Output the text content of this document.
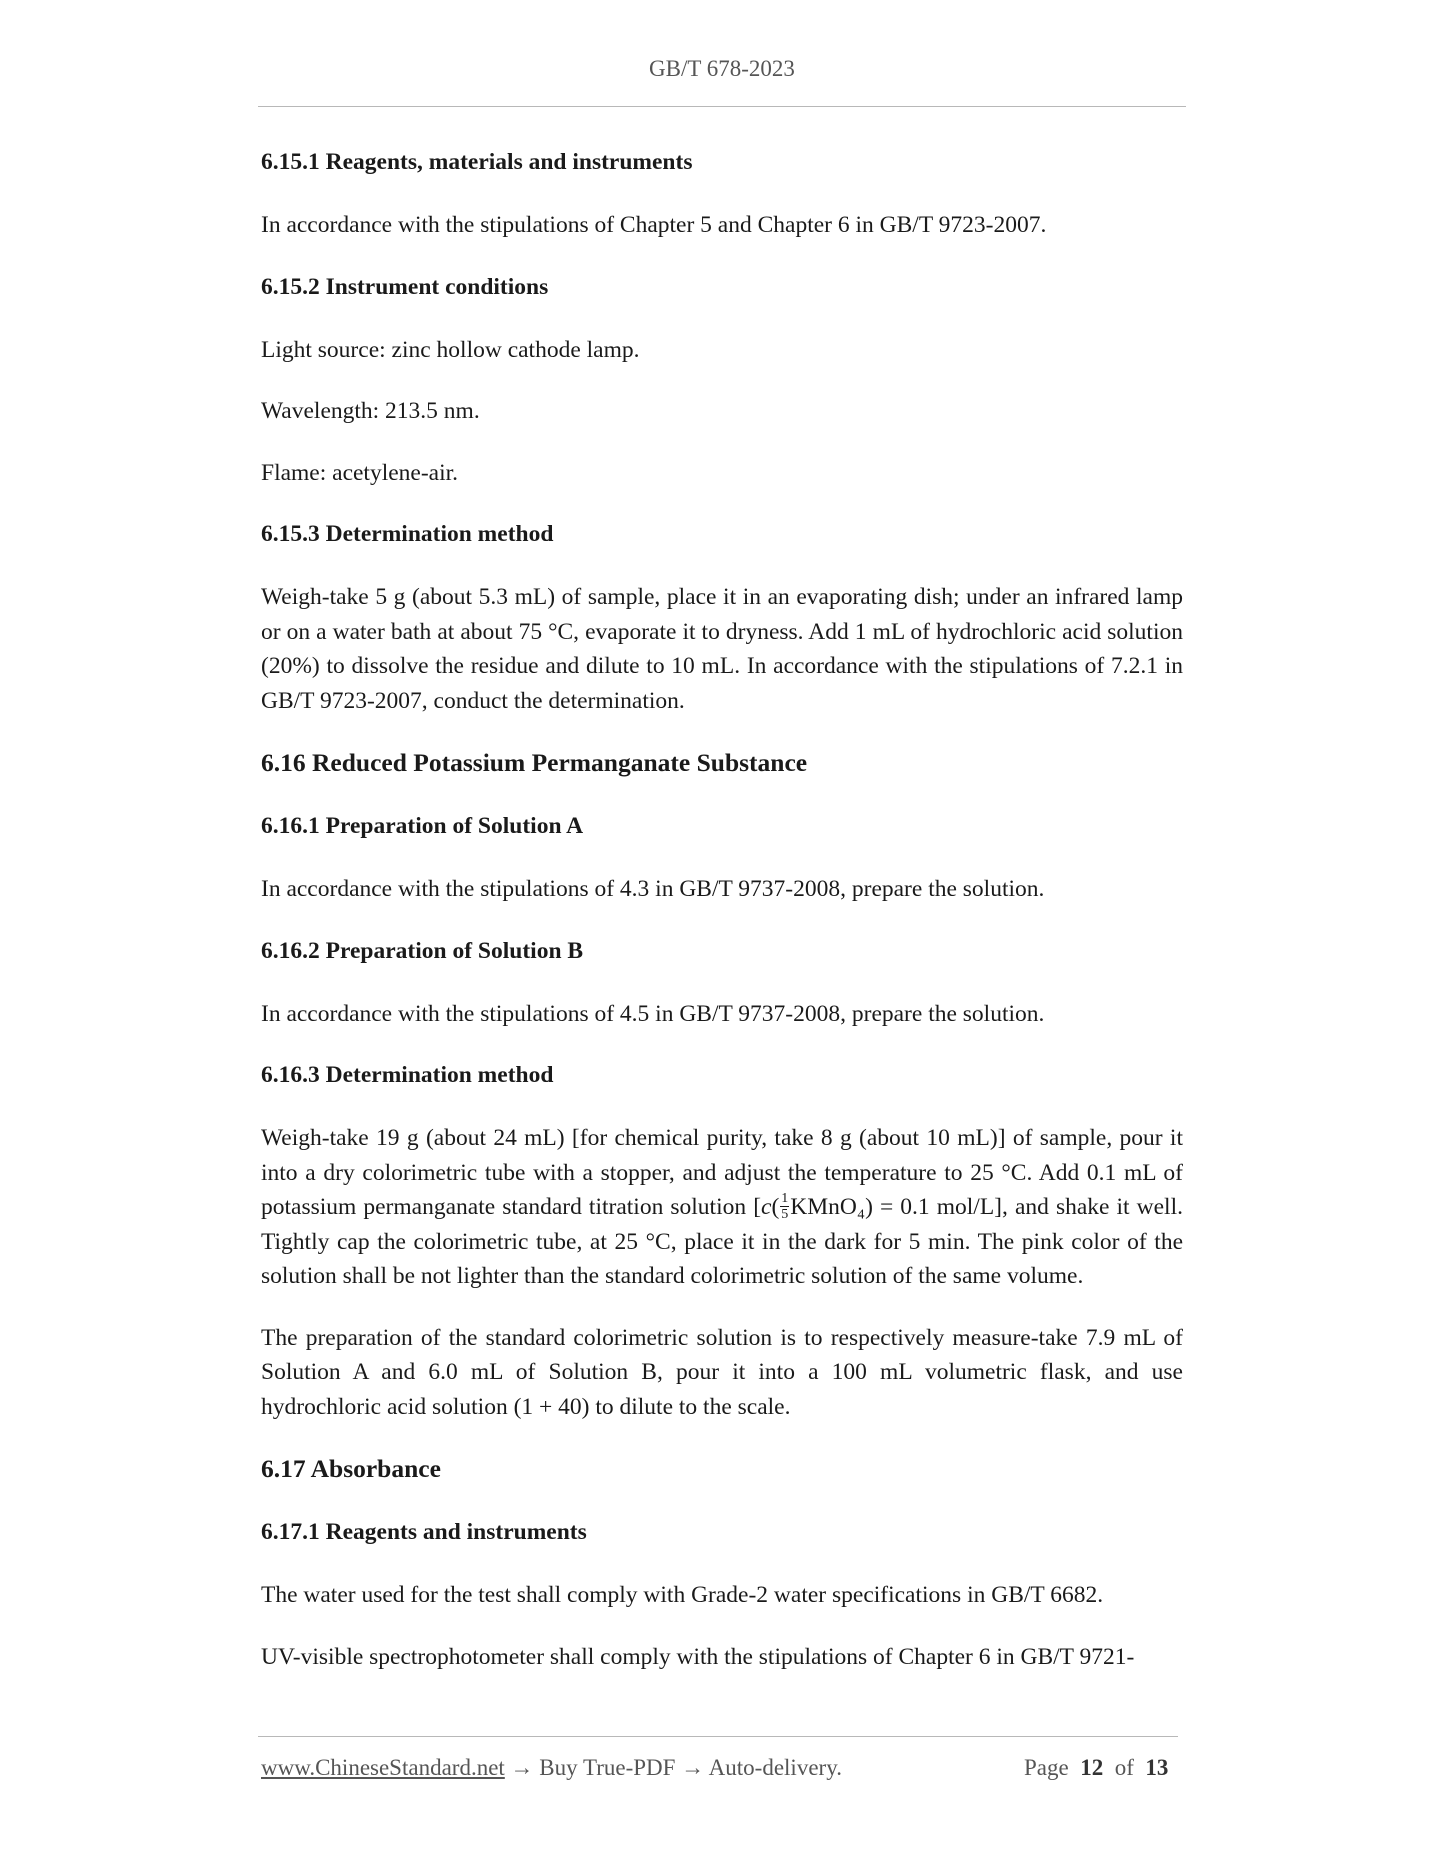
GB/T 678-2023
6.15.1 Reagents, materials and instruments
In accordance with the stipulations of Chapter 5 and Chapter 6 in GB/T 9723-2007.
6.15.2 Instrument conditions
Light source: zinc hollow cathode lamp.
Wavelength: 213.5 nm.
Flame: acetylene-air.
6.15.3 Determination method
Weigh-take 5 g (about 5.3 mL) of sample, place it in an evaporating dish; under an infrared lamp or on a water bath at about 75 °C, evaporate it to dryness. Add 1 mL of hydrochloric acid solution (20%) to dissolve the residue and dilute to 10 mL. In accordance with the stipulations of 7.2.1 in GB/T 9723-2007, conduct the determination.
6.16 Reduced Potassium Permanganate Substance
6.16.1 Preparation of Solution A
In accordance with the stipulations of 4.3 in GB/T 9737-2008, prepare the solution.
6.16.2 Preparation of Solution B
In accordance with the stipulations of 4.5 in GB/T 9737-2008, prepare the solution.
6.16.3 Determination method
Weigh-take 19 g (about 24 mL) [for chemical purity, take 8 g (about 10 mL)] of sample, pour it into a dry colorimetric tube with a stopper, and adjust the temperature to 25 °C. Add 0.1 mL of potassium permanganate standard titration solution [$c( \frac{1}{5}$ KMnO₄) = 0.1 mol/L], and shake it well. Tightly cap the colorimetric tube, at 25 °C, place it in the dark for 5 min. The pink color of the solution shall be not lighter than the standard colorimetric solution of the same volume.
The preparation of the standard colorimetric solution is to respectively measure-take 7.9 mL of Solution A and 6.0 mL of Solution B, pour it into a 100 mL volumetric flask, and use hydrochloric acid solution (1 + 40) to dilute to the scale.
6.17 Absorbance
6.17.1 Reagents and instruments
The water used for the test shall comply with Grade-2 water specifications in GB/T 6682.
UV-visible spectrophotometer shall comply with the stipulations of Chapter 6 in GB/T 9721-
www.ChineseStandard.net → Buy True-PDF → Auto-delivery.	Page 12 of 13
